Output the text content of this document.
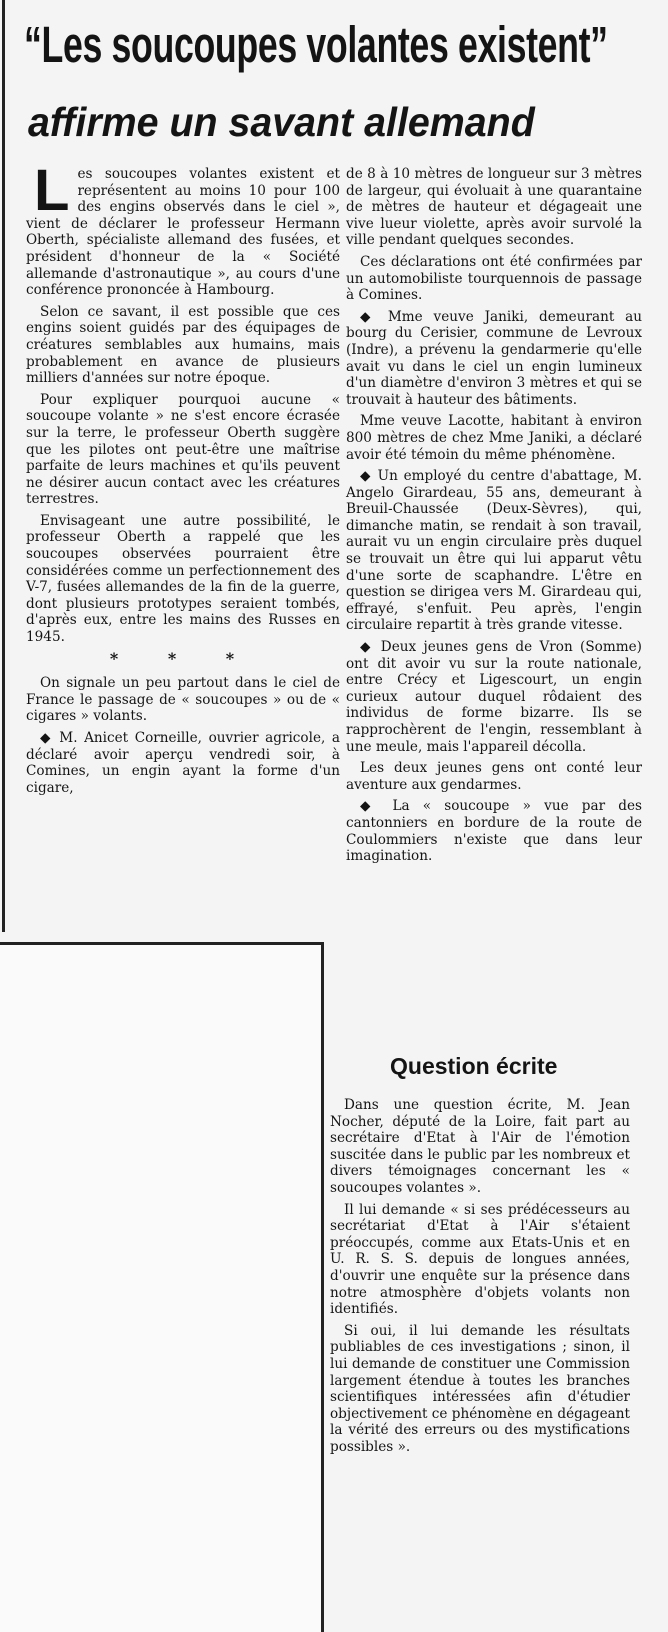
“Les soucoupes volantes existent”
affirme un savant allemand

Les soucoupes volantes existent et représentent au moins 10 pour 100 des engins observés dans le ciel », vient de déclarer le professeur Hermann Oberth, spécialiste allemand des fusées, et président d'honneur de la « Société allemande d'astronautique », au cours d'une conférence prononcée à Hambourg.

Selon ce savant, il est possible que ces engins soient guidés par des équipages de créatures semblables aux humains, mais probablement en avance de plusieurs milliers d'années sur notre époque.

Pour expliquer pourquoi aucune « soucoupe volante » ne s'est encore écrasée sur la terre, le professeur Oberth suggère que les pilotes ont peut-être une maîtrise parfaite de leurs machines et qu'ils peuvent ne désirer aucun contact avec les créatures terrestres.

Envisageant une autre possibilité, le professeur Oberth a rappelé que les soucoupes observées pourraient être considérées comme un perfectionnement des V-7, fusées allemandes de la fin de la guerre, dont plusieurs prototypes seraient tombés, d'après eux, entre les mains des Russes en 1945.

* * *

On signale un peu partout dans le ciel de France le passage de « soucoupes » ou de « cigares » volants.

◆ M. Anicet Corneille, ouvrier agricole, a déclaré avoir aperçu vendredi soir, à Comines, un engin ayant la forme d'un cigare,

de 8 à 10 mètres de longueur sur 3 mètres de largeur, qui évoluait à une quarantaine de mètres de hauteur et dégageait une vive lueur violette, après avoir survolé la ville pendant quelques secondes.

Ces déclarations ont été confirmées par un automobiliste tourquennois de passage à Comines.

◆ Mme veuve Janiki, demeurant au bourg du Cerisier, commune de Levroux (Indre), a prévenu la gendarmerie qu'elle avait vu dans le ciel un engin lumineux d'un diamètre d'environ 3 mètres et qui se trouvait à hauteur des bâtiments.

Mme veuve Lacotte, habitant à environ 800 mètres de chez Mme Janiki, a déclaré avoir été témoin du même phénomène.

◆ Un employé du centre d'abattage, M. Angelo Girardeau, 55 ans, demeurant à Breuil-Chaussée (Deux-Sèvres), qui, dimanche matin, se rendait à son travail, aurait vu un engin circulaire près duquel se trouvait un être qui lui apparut vêtu d'une sorte de scaphandre. L'être en question se dirigea vers M. Girardeau qui, effrayé, s'enfuit. Peu après, l'engin circulaire repartit à très grande vitesse.

◆ Deux jeunes gens de Vron (Somme) ont dit avoir vu sur la route nationale, entre Crécy et Ligescourt, un engin curieux autour duquel rôdaient des individus de forme bizarre. Ils se rapprochèrent de l'engin, ressemblant à une meule, mais l'appareil décolla.

Les deux jeunes gens ont conté leur aventure aux gendarmes.

◆ La « soucoupe » vue par des cantonniers en bordure de la route de Coulommiers n'existe que dans leur imagination.

Question écrite

Dans une question écrite, M. Jean Nocher, député de la Loire, fait part au secrétaire d'Etat à l'Air de l'émotion suscitée dans le public par les nombreux et divers témoignages concernant les « soucoupes volantes ».

Il lui demande « si ses prédécesseurs au secrétariat d'Etat à l'Air s'étaient préoccupés, comme aux Etats-Unis et en U. R. S. S. depuis de longues années, d'ouvrir une enquête sur la présence dans notre atmosphère d'objets volants non identifiés.

Si oui, il lui demande les résultats publiables de ces investigations ; sinon, il lui demande de constituer une Commission largement étendue à toutes les branches scientifiques intéressées afin d'étudier objectivement ce phénomène en dégageant la vérité des erreurs ou des mystifications possibles ».
